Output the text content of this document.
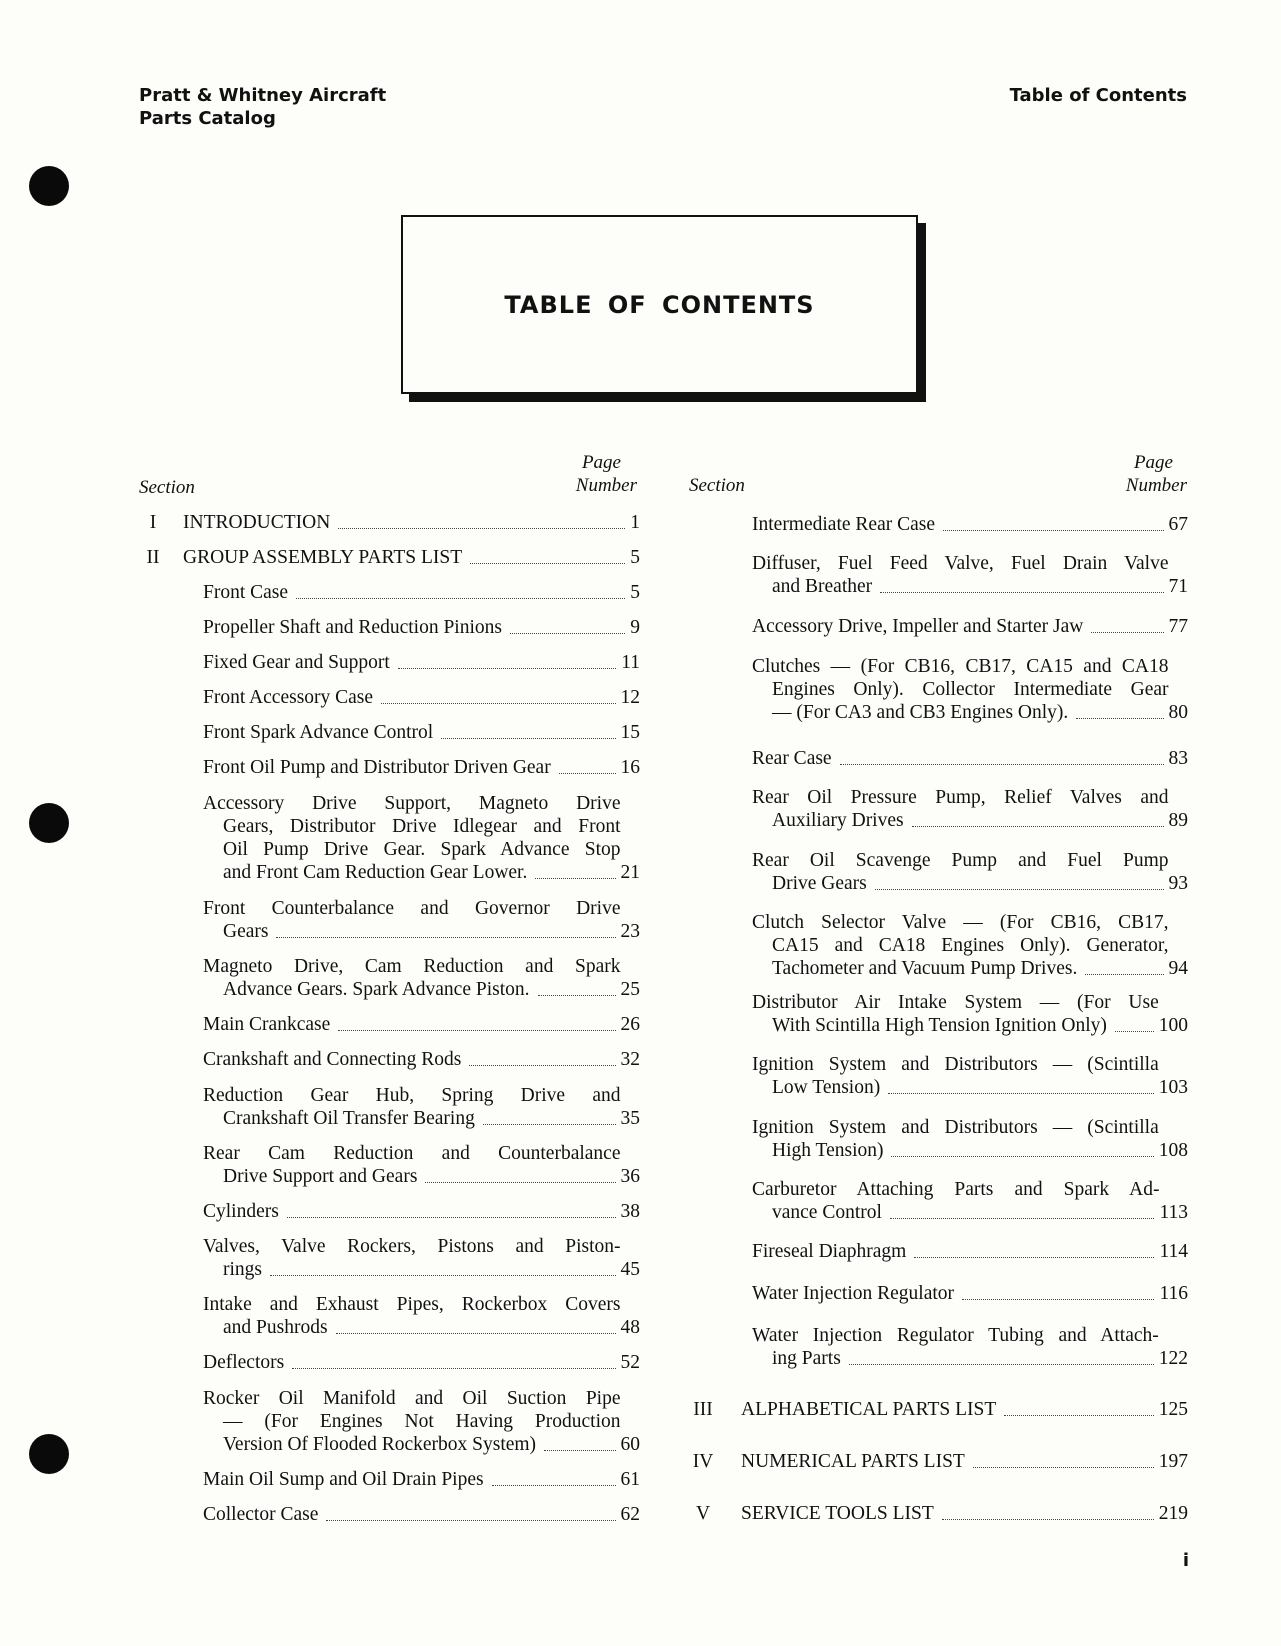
Pratt & Whitney Aircraft
Parts Catalog
Table of Contents
TABLE OF CONTENTS
Section
Page
Number	Section
Page
Number
I	INTRODUCTION	1
II	GROUP ASSEMBLY PARTS LIST	5
Front Case	5
Propeller Shaft and Reduction Pinions	9
Fixed Gear and Support	11
Front Accessory Case	12
Front Spark Advance Control	15
Front Oil Pump and Distributor Driven Gear	16
Accessory Drive Support, Magneto Drive
Gears, Distributor Drive Idlegear and Front
Oil Pump Drive Gear. Spark Advance Stop
and Front Cam Reduction Gear Lower.	21
Front Counterbalance and Governor Drive
Gears	23
Magneto Drive, Cam Reduction and Spark
Advance Gears. Spark Advance Piston.	25
Main Crankcase	26
Crankshaft and Connecting Rods	32
Reduction Gear Hub, Spring Drive and
Crankshaft Oil Transfer Bearing	35
Rear Cam Reduction and Counterbalance
Drive Support and Gears	36
Cylinders	38
Valves, Valve Rockers, Pistons and Piston-
rings	45
Intake and Exhaust Pipes, Rockerbox Covers
and Pushrods	48
Deflectors	52
Rocker Oil Manifold and Oil Suction Pipe
— (For Engines Not Having Production
Version Of Flooded Rockerbox System)	60
Main Oil Sump and Oil Drain Pipes	61
Collector Case	62
Intermediate Rear Case	67
Diffuser, Fuel Feed Valve, Fuel Drain Valve
and Breather	71
Accessory Drive, Impeller and Starter Jaw	77
Clutches — (For CB16, CB17, CA15 and CA18
Engines Only). Collector Intermediate Gear
— (For CA3 and CB3 Engines Only).	80
Rear Case	83
Rear Oil Pressure Pump, Relief Valves and
Auxiliary Drives	89
Rear Oil Scavenge Pump and Fuel Pump
Drive Gears	93
Clutch Selector Valve — (For CB16, CB17,
CA15 and CA18 Engines Only). Generator,
Tachometer and Vacuum Pump Drives.	94
Distributor Air Intake System — (For Use
With Scintilla High Tension Ignition Only)	100
Ignition System and Distributors — (Scintilla
Low Tension)	103
Ignition System and Distributors — (Scintilla
High Tension)	108
Carburetor Attaching Parts and Spark Ad-
vance Control	113
Fireseal Diaphragm	114
Water Injection Regulator	116
Water Injection Regulator Tubing and Attach-
ing Parts	122
III ALPHABETICAL PARTS LIST	125
IV NUMERICAL PARTS LIST	197
V	SERVICE TOOLS LIST	219
i
